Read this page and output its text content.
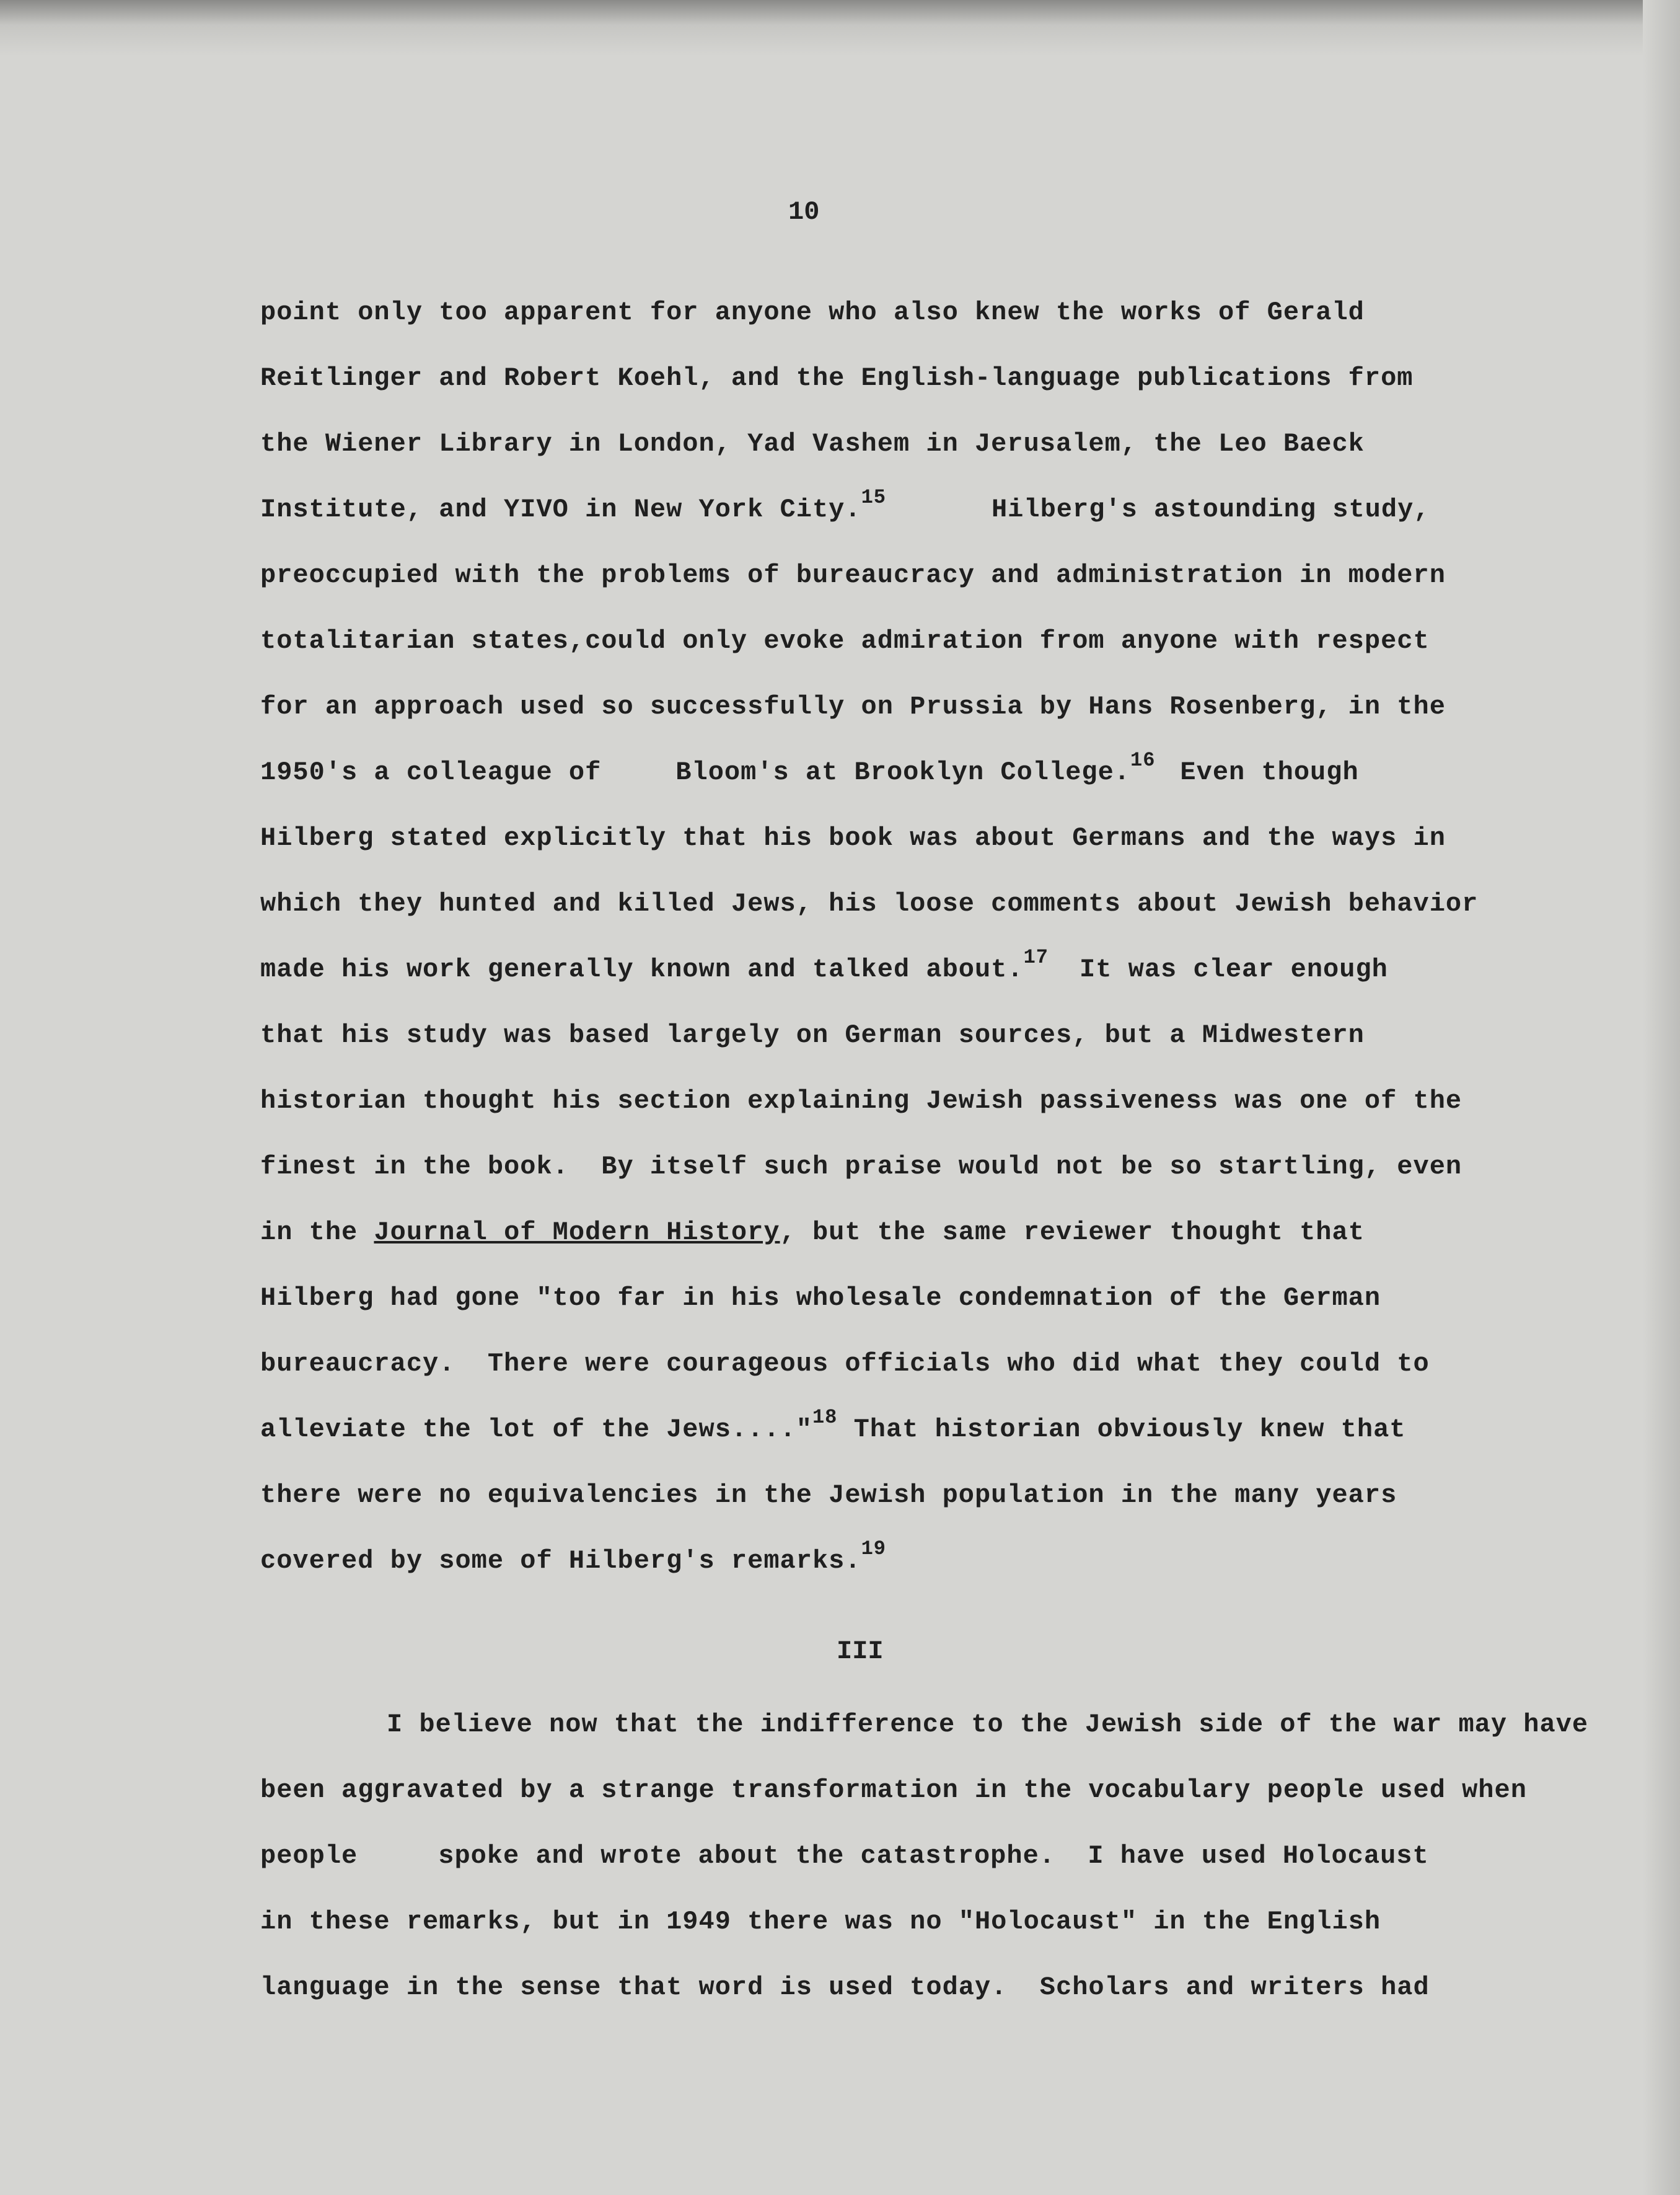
10
point only too apparent for anyone who also knew the works of Gerald
Reitlinger and Robert Koehl, and the English-language publications from
the Wiener Library in London, Yad Vashem in Jerusalem, the Leo Baeck
Institute, and YIVO in New York City.$^{15}$	Hilberg's astounding study,
preoccupied with the problems of bureaucracy and administration in modern
totalitarian states,could only evoke admiration from anyone with respect
for an approach used so successfully on Prussia by Hans Rosenberg, in the
1950's a colleague of	Bloom's at Brooklyn College.$^{16}$ Even though
Hilberg stated explicitly that his book was about Germans and the ways in
which they hunted and killed Jews, his loose comments about Jewish behavior
made his work generally known and talked about.$^{17}$ It was clear enough
that his study was based largely on German sources, but a Midwestern
historian thought his section explaining Jewish passiveness was one of the
finest in the book.  By itself such praise would not be so startling, even
in the Journal of Modern History, but the same reviewer thought that
Hilberg had gone "too far in his wholesale condemnation of the German
bureaucracy.  There were courageous officials who did what they could to
alleviate the lot of the Jews...."$^{18}$ That historian obviously knew that
there were no equivalencies in the Jewish population in the many years
covered by some of Hilberg's remarks.$^{19}$
I believe now that the indifference to the Jewish side of the war may have
been aggravated by a strange transformation in the vocabulary people used when
people	spoke and wrote about the catastrophe.  I have used Holocaust
in these remarks, but in 1949 there was no "Holocaust" in the English
language in the sense that word is used today.  Scholars and writers had
III
